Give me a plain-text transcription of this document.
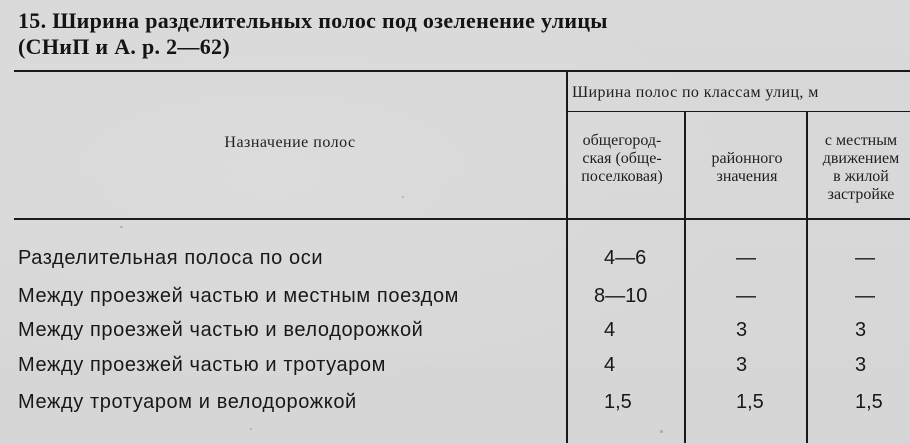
15. Ширина разделительных полос под озеленение улицы
(СНиП и А. р. 2—62)
Назначение полос
Ширина полос по классам улиц, м
общегород-
ская (обще-
поселковая)
районного
значения
с местным
движением
в жилой
застройке
Разделительная полоса по оси	4—6	—	—
Между проезжей частью и местным поездом	8—10	—	—
Между проезжей частью и велодорожкой	4	3	3
Между проезжей частью и тротуаром	4	3	3
Между тротуаром и велодорожкой	1,5	1,5	1,5
